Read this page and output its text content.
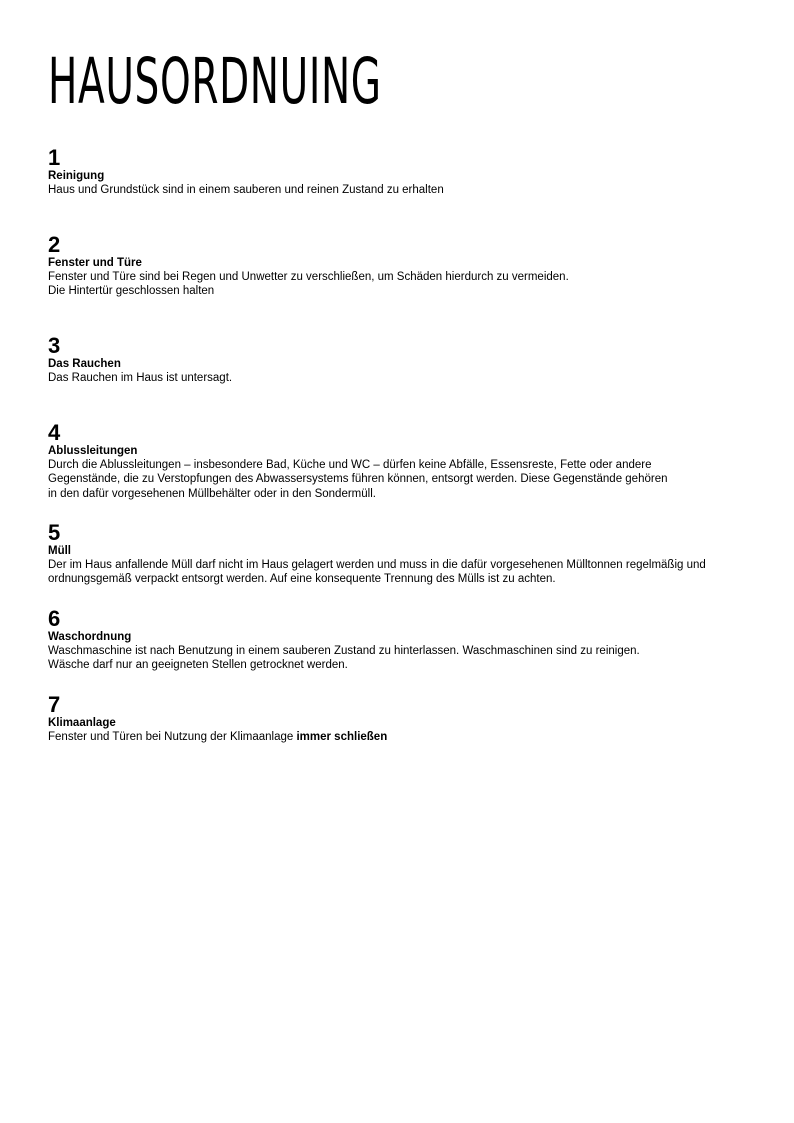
HAUSORDNUING

1

Reinigung

Haus und Grundstück sind in einem sauberen und reinen Zustand zu erhalten

2

Fenster und Türe

Fenster und Türe sind bei Regen und Unwetter zu verschließen, um Schäden hierdurch zu vermeiden.
Die Hintertür geschlossen halten

3

Das Rauchen

Das Rauchen im Haus ist untersagt.

4

Ablussleitungen

Durch die Ablussleitungen – insbesondere Bad, Küche und WC – dürfen keine Abfälle, Essensreste, Fette oder andere
Gegenstände, die zu Verstopfungen des Abwassersystems führen können, entsorgt werden. Diese Gegenstände gehören
in den dafür vorgesehenen Müllbehälter oder in den Sondermüll.

5

Müll

Der im Haus anfallende Müll darf nicht im Haus gelagert werden und muss in die dafür vorgesehenen Mülltonnen regelmäßig und
ordnungsgemäß verpackt entsorgt werden. Auf eine konsequente Trennung des Mülls ist zu achten.

6

Waschordnung

Waschmaschine ist nach Benutzung in einem sauberen Zustand zu hinterlassen. Waschmaschinen sind zu reinigen.
Wäsche darf nur an geeigneten Stellen getrocknet werden.

7

Klimaanlage

Fenster und Türen bei Nutzung der Klimaanlage immer schließen
